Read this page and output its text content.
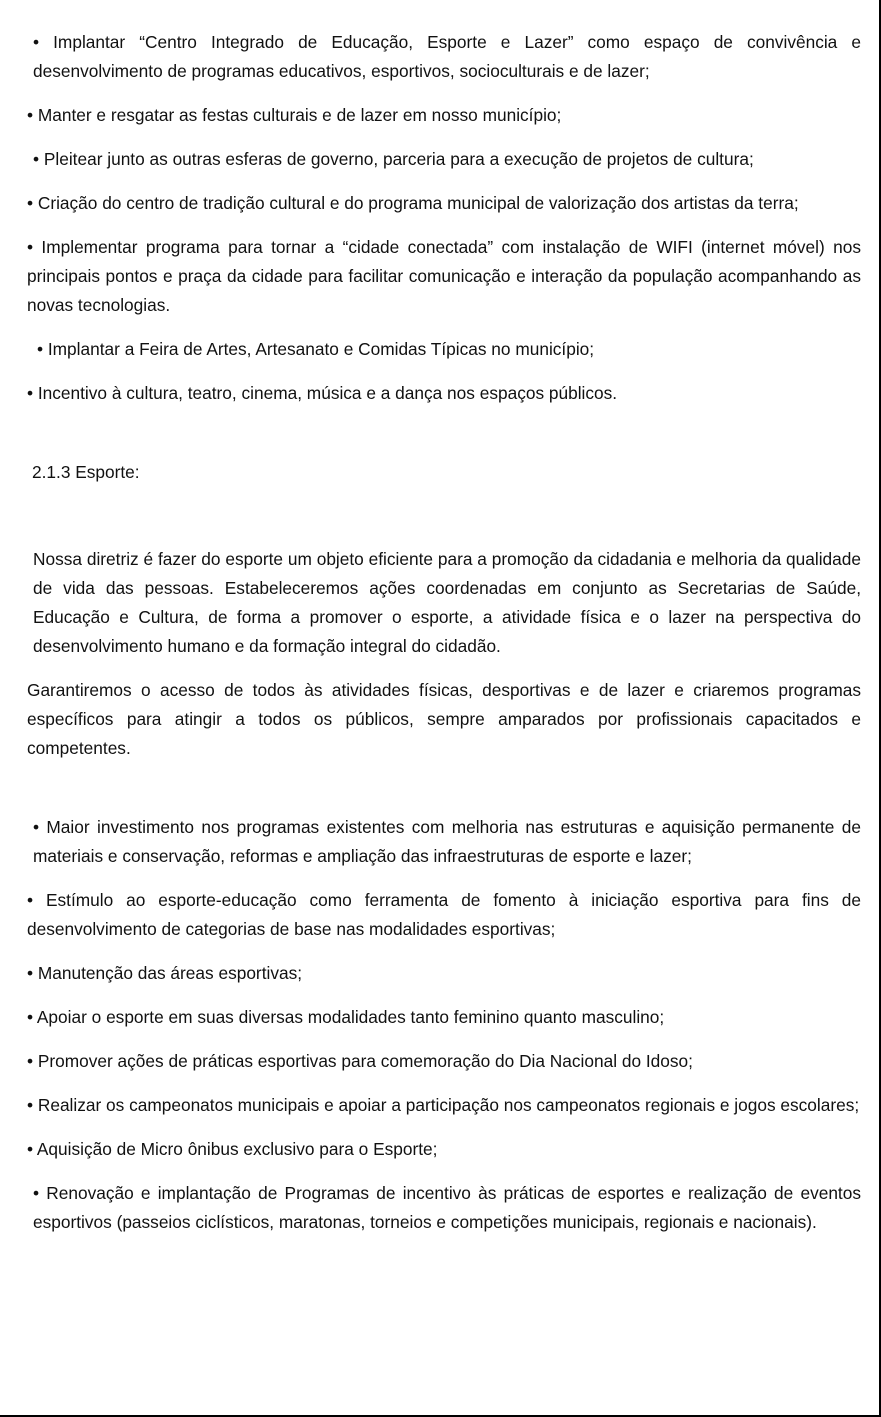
• Implantar “Centro Integrado de Educação, Esporte e Lazer” como espaço de convivência e desenvolvimento de programas educativos, esportivos, socioculturais e de lazer;

• Manter e resgatar as festas culturais e de lazer em nosso município;

• Pleitear junto as outras esferas de governo, parceria para a execução de projetos de cultura;

• Criação do centro de tradição cultural e do programa municipal de valorização dos artistas da terra;

• Implementar programa para tornar a “cidade conectada” com instalação de WIFI (internet móvel) nos principais pontos e praça da cidade para facilitar comunicação e interação da população acompanhando as novas tecnologias.

• Implantar a Feira de Artes, Artesanato e Comidas Típicas no município;

• Incentivo à cultura, teatro, cinema, música e a dança nos espaços públicos.

2.1.3 Esporte:

Nossa diretriz é fazer do esporte um objeto eficiente para a promoção da cidadania e melhoria da qualidade de vida das pessoas. Estabeleceremos ações coordenadas em conjunto as Secretarias de Saúde, Educação e Cultura, de forma a promover o esporte, a atividade física e o lazer na perspectiva do desenvolvimento humano e da formação integral do cidadão.

Garantiremos o acesso de todos às atividades físicas, desportivas e de lazer e criaremos programas específicos para atingir a todos os públicos, sempre amparados por profissionais capacitados e competentes.

• Maior investimento nos programas existentes com melhoria nas estruturas e aquisição permanente de materiais e conservação, reformas e ampliação das infraestruturas de esporte e lazer;

• Estímulo ao esporte-educação como ferramenta de fomento à iniciação esportiva para fins de desenvolvimento de categorias de base nas modalidades esportivas;

• Manutenção das áreas esportivas;

• Apoiar o esporte em suas diversas modalidades tanto feminino quanto masculino;

• Promover ações de práticas esportivas para comemoração do Dia Nacional do Idoso;

• Realizar os campeonatos municipais e apoiar a participação nos campeonatos regionais e jogos escolares;

• Aquisição de Micro ônibus exclusivo para o Esporte;

• Renovação e implantação de Programas de incentivo às práticas de esportes e realização de eventos esportivos (passeios ciclísticos, maratonas, torneios e competições municipais, regionais e nacionais).
